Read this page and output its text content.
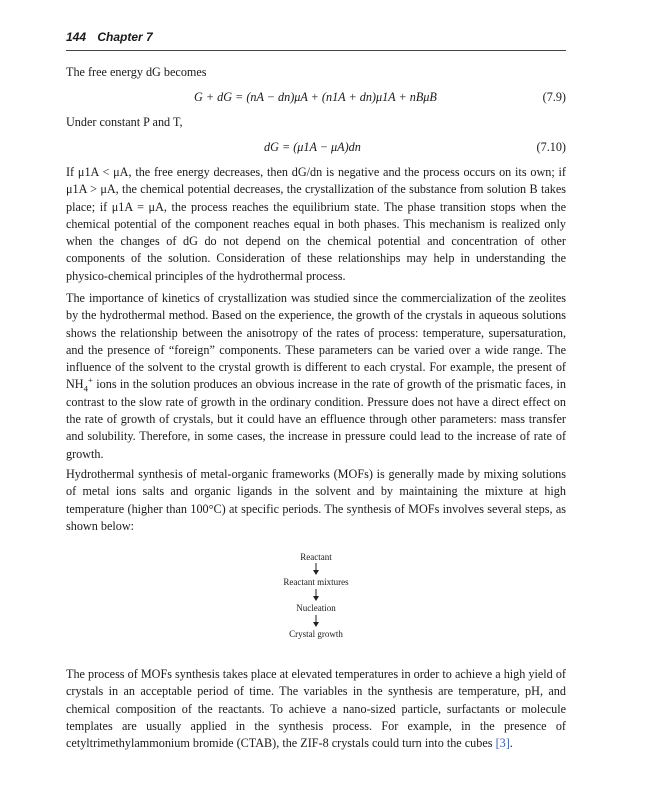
144 Chapter 7

The free energy dG becomes

G + dG = (nA − dn)μA + (n1A + dn)μ1A + nBμB	(7.9)

Under constant P and T,

dG = (μ1A − μA)dn	(7.10)

If μ1A < μA, the free energy decreases, then dG/dn is negative and the process occurs on its own; if μ1A > μA, the chemical potential decreases, the crystallization of the substance from solution B takes place; if μ1A = μA, the process reaches the equilibrium state. The phase transition stops when the chemical potential of the component reaches equal in both phases. This mechanism is realized only when the changes of dG do not depend on the chemical potential and concentration of other components of the solution. Consideration of these relationships may help in understanding the physico-chemical principles of the hydrothermal process.

The importance of kinetics of crystallization was studied since the commercialization of the zeolites by the hydrothermal method. Based on the experience, the growth of the crystals in aqueous solutions shows the relationship between the anisotropy of the rates of process: temperature, supersaturation, and the presence of “foreign” components. These parameters can be varied over a wide range. The influence of the solvent to the crystal growth is different to each crystal. For example, the present of $NH_4^+$ ions in the solution produces an obvious increase in the rate of growth of the prismatic faces, in contrast to the slow rate of growth in the ordinary condition. Pressure does not have a direct effect on the rate of growth of crystals, but it could have an effluence through other parameters: mass transfer and solubility. Therefore, in some cases, the increase in pressure could lead to the increase of rate of growth.

Hydrothermal synthesis of metal-organic frameworks (MOFs) is generally made by mixing solutions of metal ions salts and organic ligands in the solvent and by maintaining the mixture at high temperature (higher than 100°C) at specific periods. The synthesis of MOFs involves several steps, as shown below:

Reactant
Reactant mixtures
Nucleation
Crystal growth

The process of MOFs synthesis takes place at elevated temperatures in order to achieve a high yield of crystals in an acceptable period of time. The variables in the synthesis are temperature, pH, and chemical composition of the reactants. To achieve a nano-sized particle, surfactants or molecule templates are usually applied in the synthesis process. For example, in the presence of cetyltrimethylammonium bromide (CTAB), the ZIF-8 crystals could turn into the cubes [3].
